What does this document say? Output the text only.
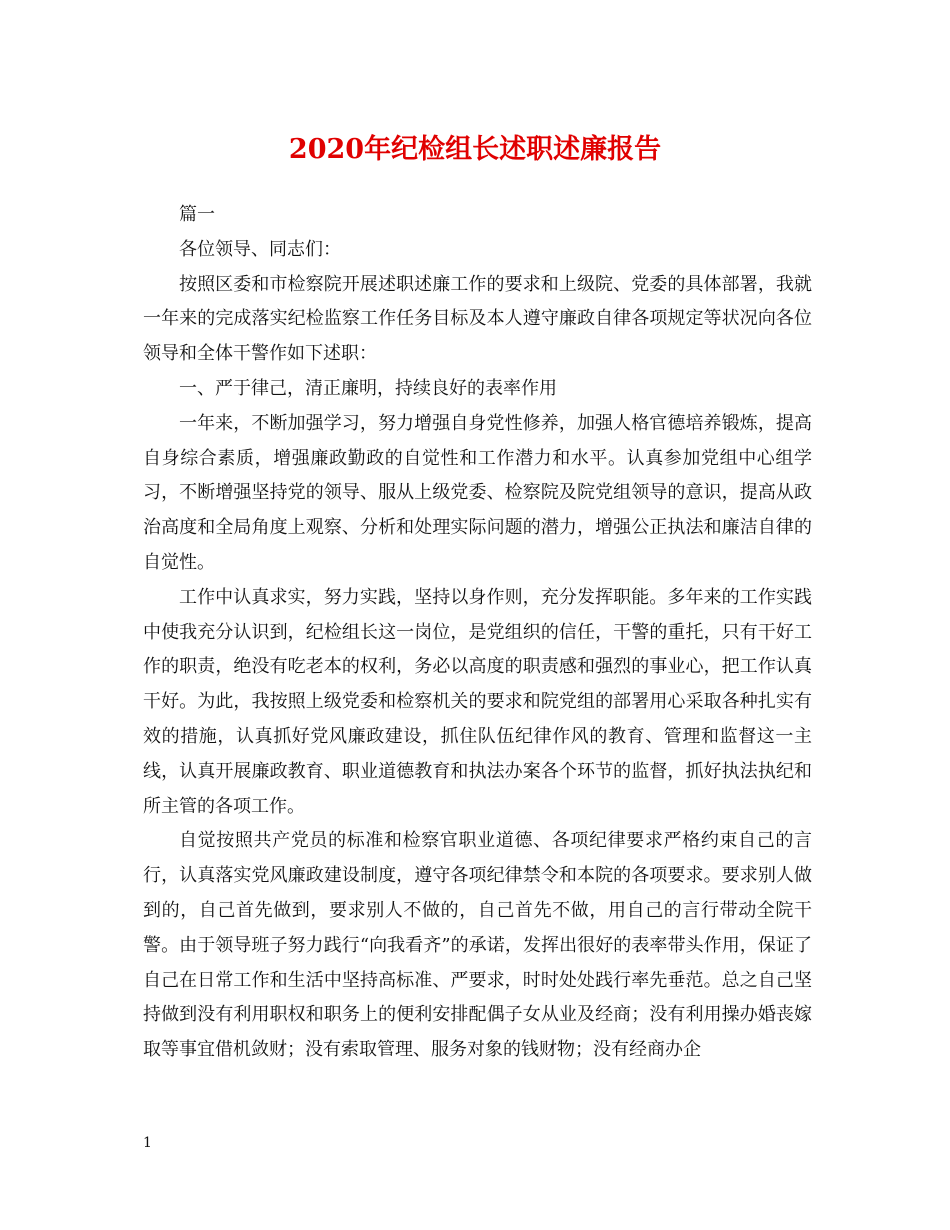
2020年纪检组长述职述廉报告

篇一

各位领导、同志们：

按照区委和市检察院开展述职述廉工作的要求和上级院、党委的具体部署，我就一年来的完成落实纪检监察工作任务目标及本人遵守廉政自律各项规定等状况向各位领导和全体干警作如下述职：

一、严于律己，清正廉明，持续良好的表率作用

一年来，不断加强学习，努力增强自身党性修养，加强人格官德培养锻炼，提高自身综合素质，增强廉政勤政的自觉性和工作潜力和水平。认真参加党组中心组学习，不断增强坚持党的领导、服从上级党委、检察院及院党组领导的意识，提高从政治高度和全局角度上观察、分析和处理实际问题的潜力，增强公正执法和廉洁自律的自觉性。

工作中认真求实，努力实践，坚持以身作则，充分发挥职能。多年来的工作实践中使我充分认识到，纪检组长这一岗位，是党组织的信任，干警的重托，只有干好工作的职责，绝没有吃老本的权利，务必以高度的职责感和强烈的事业心，把工作认真干好。为此，我按照上级党委和检察机关的要求和院党组的部署用心采取各种扎实有效的措施，认真抓好党风廉政建设，抓住队伍纪律作风的教育、管理和监督这一主线，认真开展廉政教育、职业道德教育和执法办案各个环节的监督，抓好执法执纪和所主管的各项工作。

自觉按照共产党员的标准和检察官职业道德、各项纪律要求严格约束自己的言行，认真落实党风廉政建设制度，遵守各项纪律禁令和本院的各项要求。要求别人做到的，自己首先做到，要求别人不做的，自己首先不做，用自己的言行带动全院干警。由于领导班子努力践行“向我看齐”的承诺，发挥出很好的表率带头作用，保证了自己在日常工作和生活中坚持高标准、严要求，时时处处践行率先垂范。总之自己坚持做到没有利用职权和职务上的便利安排配偶子女从业及经商；没有利用操办婚丧嫁取等事宜借机敛财；没有索取管理、服务对象的钱财物；没有经商办企

1
